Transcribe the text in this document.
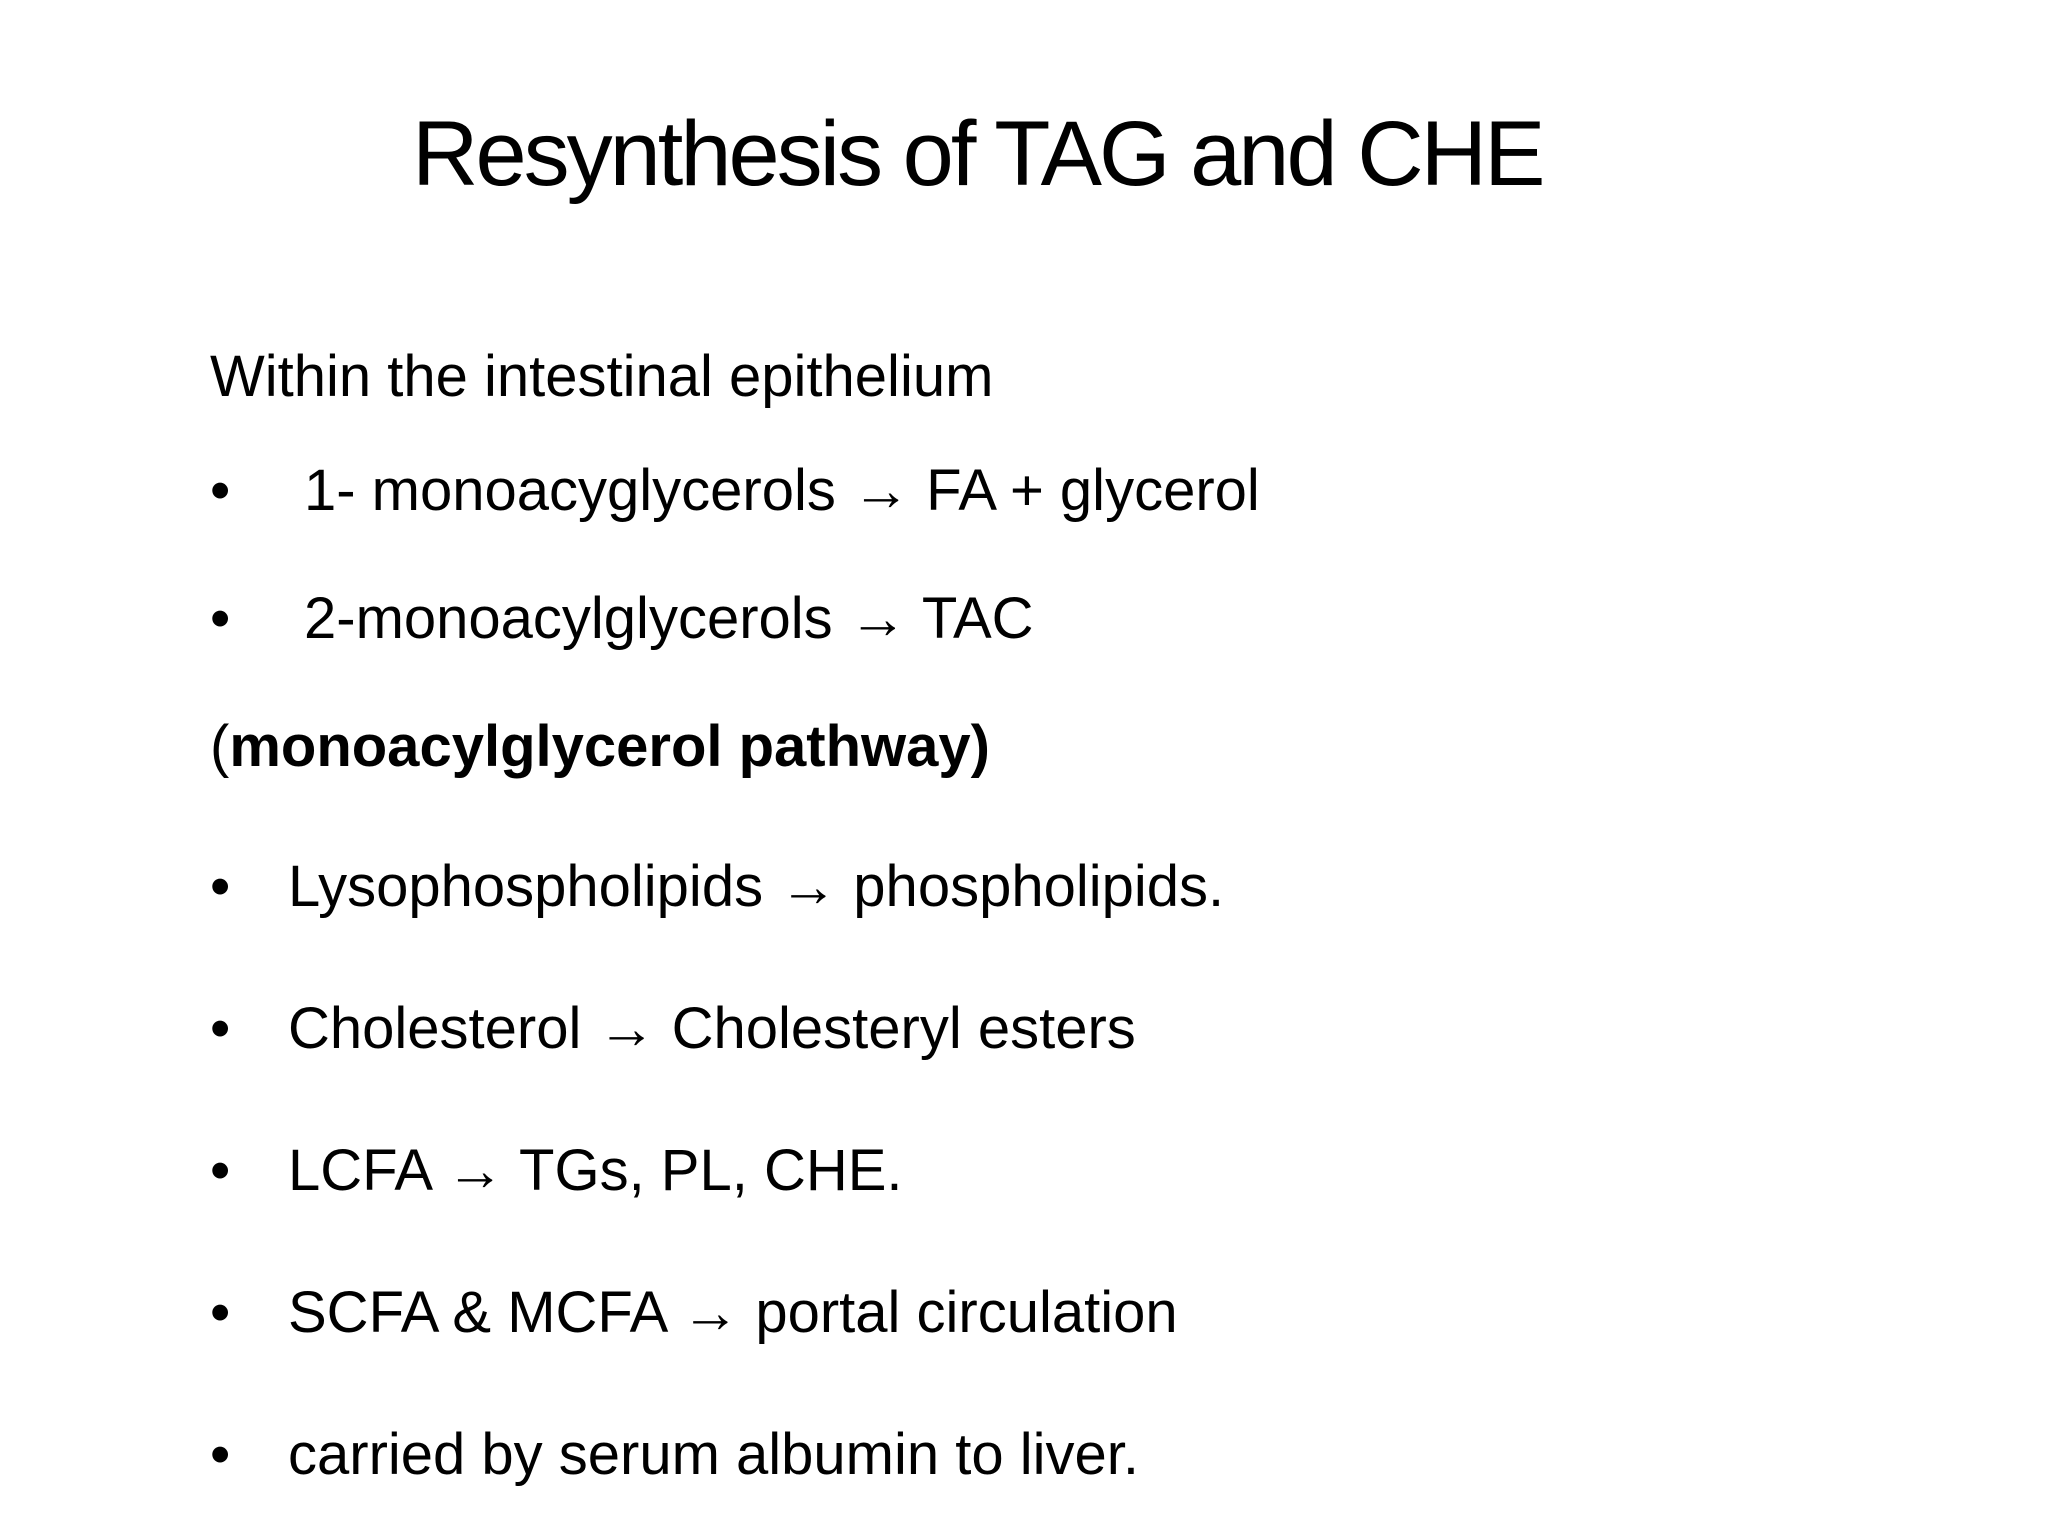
Resynthesis of TAG and CHE
Within the intestinal epithelium
• 1- monoacyglycerols → FA + glycerol
• 2-monoacylglycerols → TAC
(monoacylglycerol pathway)
• Lysophospholipids → phospholipids.
• Cholesterol → Cholesteryl esters
• LCFA → TGs, PL, CHE.
• SCFA & MCFA → portal circulation
• carried by serum albumin to liver.
